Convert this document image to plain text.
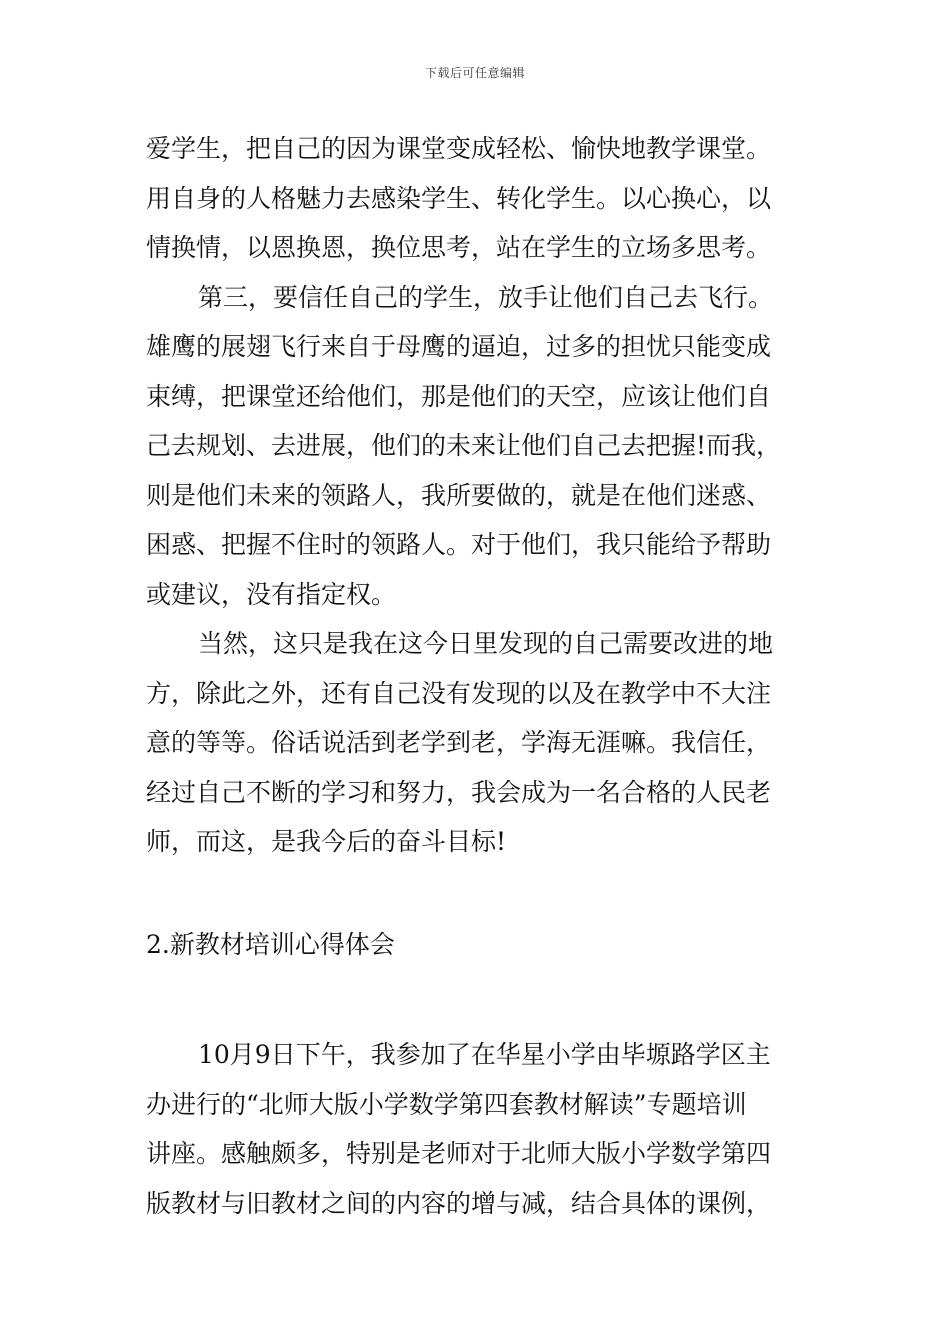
下载后可任意编辑
爱学生，把自己的因为课堂变成轻松、愉快地教学课堂。
用自身的人格魅力去感染学生、转化学生。以心换心，以
情换情，以恩换恩，换位思考，站在学生的立场多思考。
第三，要信任自己的学生，放手让他们自己去飞行。
雄鹰的展翅飞行来自于母鹰的逼迫，过多的担忧只能变成
束缚，把课堂还给他们，那是他们的天空，应该让他们自
己去规划、去进展，他们的未来让他们自己去把握!而我，
则是他们未来的领路人，我所要做的，就是在他们迷惑、
困惑、把握不住时的领路人。对于他们，我只能给予帮助
或建议，没有指定权。
当然，这只是我在这今日里发现的自己需要改进的地
方，除此之外，还有自己没有发现的以及在教学中不大注
意的等等。俗话说活到老学到老，学海无涯嘛。我信任，
经过自己不断的学习和努力，我会成为一名合格的人民老
师，而这，是我今后的奋斗目标!
2.新教材培训心得体会
10月9日下午，我参加了在华星小学由毕塬路学区主
办进行的“北师大版小学数学第四套教材解读”专题培训
讲座。感触颇多，特别是老师对于北师大版小学数学第四
版教材与旧教材之间的内容的增与减，结合具体的课例，
